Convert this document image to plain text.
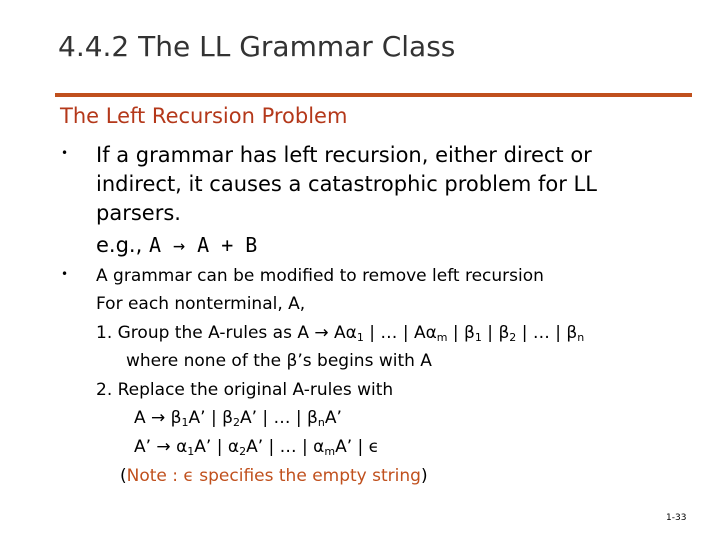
4.4.2 The LL Grammar Class
The Left Recursion Problem
• If a grammar has left recursion, either direct or indirect, it causes a catastrophic problem for LL parsers.
e.g., A → A + B
• A grammar can be modified to remove left recursion
For each nonterminal, A,
1. Group the A-rules as $A \to A\alpha_1$ | … | $A\alpha_m$ | $\beta_1$ | $\beta_2$ | … | $\beta_n$
where none of the β’s begins with A
2. Replace the original A-rules with
$A \to \beta_1A$’ | $\beta_2A$’ | … | $\beta_nA$’
A’ → $\alpha_1A$’ | $\alpha_2A$’ | … | $\alpha_mA$’ | ϵ
(Note : ϵ specifies the empty string)
1-33
